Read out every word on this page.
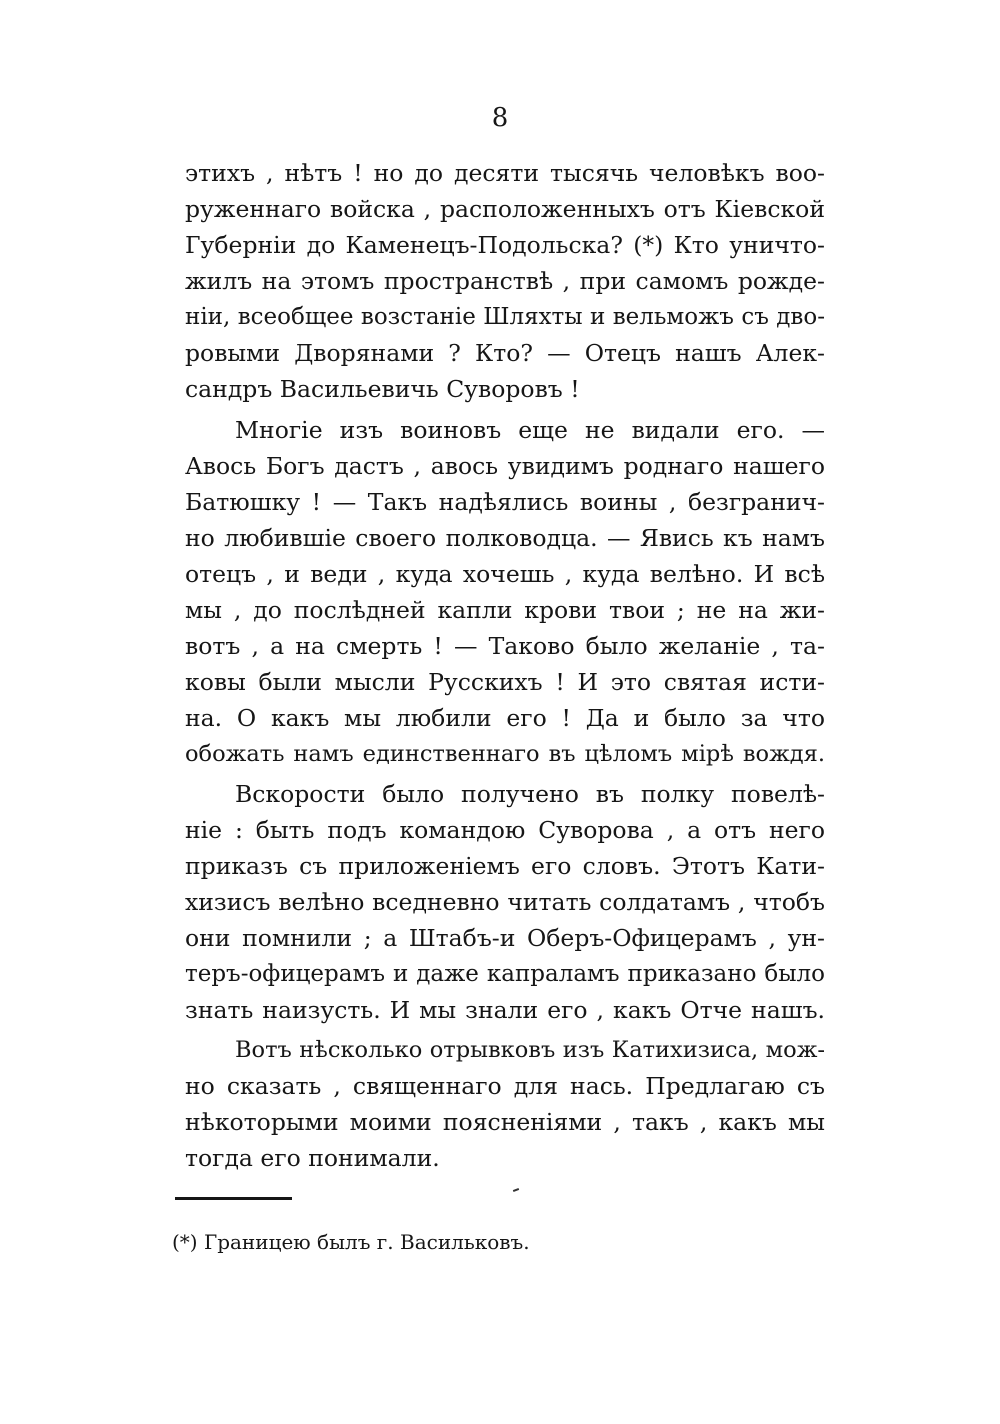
8
этихъ , нѣтъ ! но до десяти тысячь человѣкъ воо-
руженнаго войска , расположенныхъ отъ Кіевской
Губерніи до Каменецъ-Подольска? (*) Кто уничто-
жилъ на этомъ пространствѣ , при самомъ рожде-
ніи, всеобщее возстаніе Шляхты и вельможъ съ дво-
ровыми Дворянами ? Кто? — Отецъ нашъ Алек-
сандръ Васильевичь Суворовъ !
Многіе изъ воиновъ еще не видали его. —
Авось Богъ дастъ , авось увидимъ роднаго нашего
Батюшку ! — Такъ надѣялись воины , безгранич-
но любившіе своего полководца. — Явись къ намъ
отецъ , и веди , куда хочешь , куда велѣно. И всѣ
мы , до послѣдней капли крови твои ; не на жи-
вотъ , а на смерть ! — Таково было желаніе , та-
ковы были мысли Русскихъ ! И это святая исти-
на. О какъ мы любили его ! Да и было за что
обожать намъ единственнаго въ цѣломъ мірѣ вождя.
Вскорости было получено въ полку повелѣ-
ніе : быть подъ командою Суворова , а отъ него
приказъ съ приложеніемъ его словъ. Этотъ Кати-
хизисъ велѣно вседневно читать солдатамъ , чтобъ
они помнили ; а Штабъ-и Оберъ-Офицерамъ , ун-
теръ-офицерамъ и даже капраламъ приказано было
знать наизусть. И мы знали его , какъ Отче нашъ.
Вотъ нѣсколько отрывковъ изъ Катихизиса, мож-
но сказать , священнаго для нась. Предлагаю съ
нѣкоторыми моими поясненіями , такъ , какъ мы
тогда его понимали.
(*) Границею былъ г. Васильковъ.
